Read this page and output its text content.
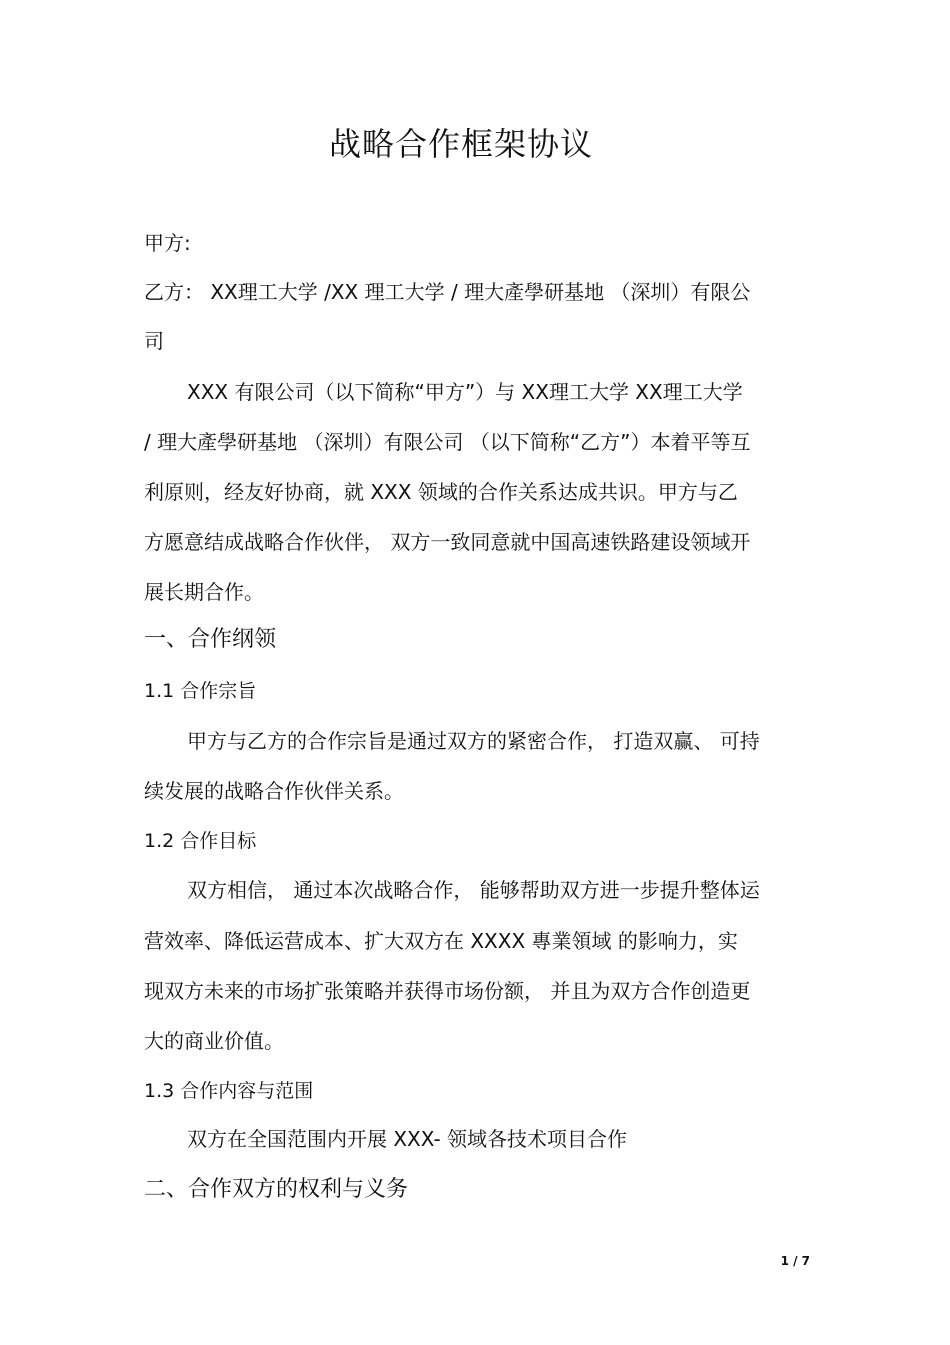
战略合作框架协议
甲方:
乙方： XX理工大学 /XX 理工大学 / 理大產學研基地 （深圳）有限公
司
XXX 有限公司（以下简称“甲方”）与 XX理工大学 XX理工大学
/ 理大產學研基地 （深圳）有限公司 （以下简称“乙方”）本着平等互
利原则，经友好协商，就 XXX 领域的合作关系达成共识。甲方与乙
方愿意结成战略合作伙伴， 双方一致同意就中国高速铁路建设领域开
展长期合作。
一、合作纲领
1.1 合作宗旨
甲方与乙方的合作宗旨是通过双方的紧密合作， 打造双赢、 可持
续发展的战略合作伙伴关系。
1.2 合作目标
双方相信， 通过本次战略合作， 能够帮助双方进一步提升整体运
营效率、降低运营成本、扩大双方在 XXXX 專業領域 的影响力，实
现双方未来的市场扩张策略并获得市场份额， 并且为双方合作创造更
大的商业价值。
1.3 合作内容与范围
双方在全国范围内开展 XXX- 领域各技术项目合作
二、合作双方的权利与义务
1 / 7
